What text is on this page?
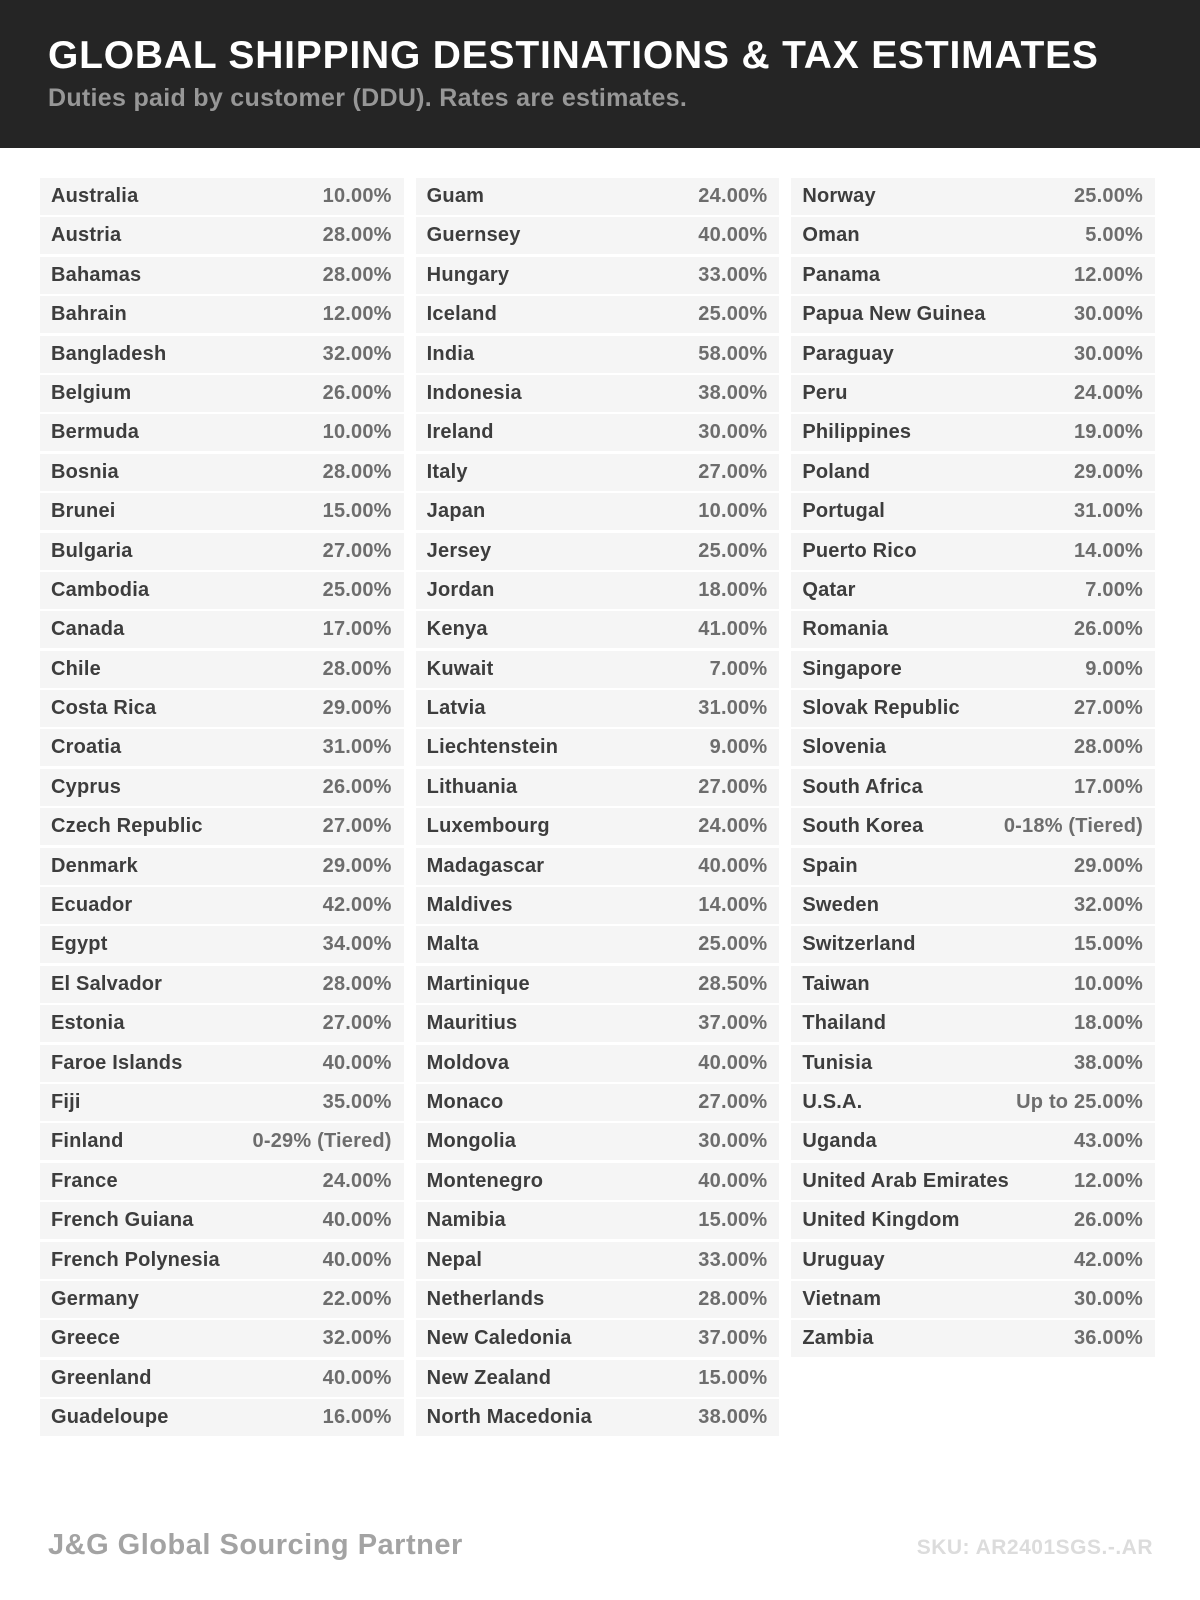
GLOBAL SHIPPING DESTINATIONS & TAX ESTIMATES
Duties paid by customer (DDU). Rates are estimates.
Australia	10.00%
Austria	28.00%
Bahamas	28.00%
Bahrain	12.00%
Bangladesh	32.00%
Belgium	26.00%
Bermuda	10.00%
Bosnia	28.00%
Brunei	15.00%
Bulgaria	27.00%
Cambodia	25.00%
Canada	17.00%
Chile	28.00%
Costa Rica	29.00%
Croatia	31.00%
Cyprus	26.00%
Czech Republic	27.00%
Denmark	29.00%
Ecuador	42.00%
Egypt	34.00%
El Salvador	28.00%
Estonia	27.00%
Faroe Islands	40.00%
Fiji	35.00%
Finland	0-29% (Tiered)
France	24.00%
French Guiana	40.00%
French Polynesia	40.00%
Germany	22.00%
Greece	32.00%
Greenland	40.00%
Guadeloupe	16.00%
Guam	24.00%
Guernsey	40.00%
Hungary	33.00%
Iceland	25.00%
India	58.00%
Indonesia	38.00%
Ireland	30.00%
Italy	27.00%
Japan	10.00%
Jersey	25.00%
Jordan	18.00%
Kenya	41.00%
Kuwait	7.00%
Latvia	31.00%
Liechtenstein	9.00%
Lithuania	27.00%
Luxembourg	24.00%
Madagascar	40.00%
Maldives	14.00%
Malta	25.00%
Martinique	28.50%
Mauritius	37.00%
Moldova	40.00%
Monaco	27.00%
Mongolia	30.00%
Montenegro	40.00%
Namibia	15.00%
Nepal	33.00%
Netherlands	28.00%
New Caledonia	37.00%
New Zealand	15.00%
North Macedonia	38.00%
Norway	25.00%
Oman	5.00%
Panama	12.00%
Papua New Guinea	30.00%
Paraguay	30.00%
Peru	24.00%
Philippines	19.00%
Poland	29.00%
Portugal	31.00%
Puerto Rico	14.00%
Qatar	7.00%
Romania	26.00%
Singapore	9.00%
Slovak Republic	27.00%
Slovenia	28.00%
South Africa	17.00%
South Korea	0-18% (Tiered)
Spain	29.00%
Sweden	32.00%
Switzerland	15.00%
Taiwan	10.00%
Thailand	18.00%
Tunisia	38.00%
U.S.A.	Up to 25.00%
Uganda	43.00%
United Arab Emirates	12.00%
United Kingdom	26.00%
Uruguay	42.00%
Vietnam	30.00%
Zambia	36.00%
J&G Global Sourcing Partner	SKU: AR2401SGS.-.AR
